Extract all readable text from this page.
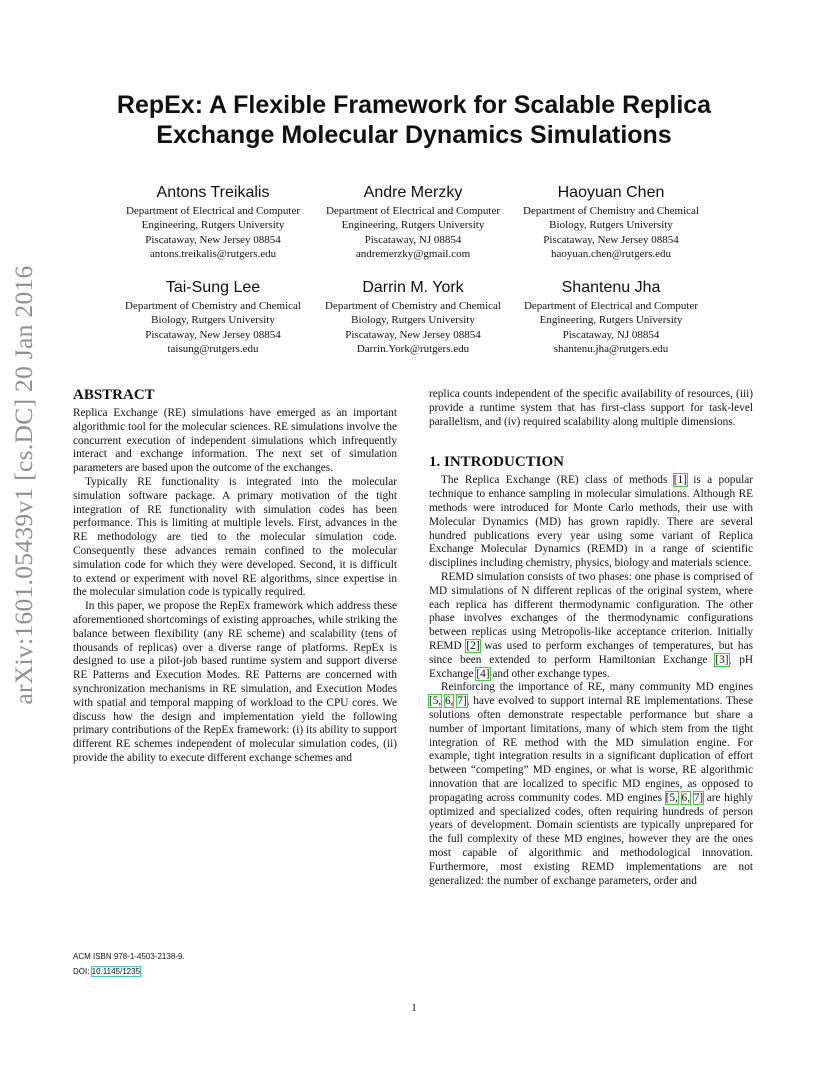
arXiv:1601.05439v1 [cs.DC] 20 Jan 2016
RepEx: A Flexible Framework for Scalable Replica
Exchange Molecular Dynamics Simulations
Antons Treikalis
Department of Electrical and Computer Engineering, Rutgers University
Piscataway, New Jersey 08854
antons.treikalis@rutgers.edu
Andre Merzky
Department of Electrical and Computer Engineering, Rutgers University
Piscataway, NJ 08854
andremerzky@gmail.com
Haoyuan Chen
Department of Chemistry and Chemical Biology, Rutgers University
Piscataway, New Jersey 08854
haoyuan.chen@rutgers.edu
Tai-Sung Lee
Department of Chemistry and Chemical Biology, Rutgers University
Piscataway, New Jersey 08854
taisung@rutgers.edu
Darrin M. York
Department of Chemistry and Chemical Biology, Rutgers University
Piscataway, New Jersey 08854
Darrin.York@rutgers.edu
Shantenu Jha
Department of Electrical and Computer Engineering, Rutgers University
Piscataway, NJ 08854
shantenu.jha@rutgers.edu
ABSTRACT

Replica Exchange (RE) simulations have emerged as an important algorithmic tool for the molecular sciences. RE simulations involve the concurrent execution of independent simulations which infrequently interact and exchange information. The next set of simulation parameters are based upon the outcome of the exchanges.

Typically RE functionality is integrated into the molecular simulation software package. A primary motivation of the tight integration of RE functionality with simulation codes has been performance. This is limiting at multiple levels. First, advances in the RE methodology are tied to the molecular simulation code. Consequently these advances remain confined to the molecular simulation code for which they were developed. Second, it is difficult to extend or experiment with novel RE algorithms, since expertise in the molecular simulation code is typically required.

In this paper, we propose the RepEx framework which address these aforementioned shortcomings of existing approaches, while striking the balance between flexibility (any RE scheme) and scalability (tens of thousands of replicas) over a diverse range of platforms. RepEx is designed to use a pilot-job based runtime system and support diverse RE Patterns and Execution Modes. RE Patterns are concerned with synchronization mechanisms in RE simulation, and Execution Modes with spatial and temporal mapping of workload to the CPU cores. We discuss how the design and implementation yield the following primary contributions of the RepEx framework: (i) its ability to support different RE schemes independent of molecular simulation codes, (ii) provide the ability to execute different exchange schemes and

replica counts independent of the specific availability of resources, (iii) provide a runtime system that has first-class support for task-level parallelism, and (iv) required scalability along multiple dimensions.

1. INTRODUCTION

The Replica Exchange (RE) class of methods [1] is a popular technique to enhance sampling in molecular simulations. Although RE methods were introduced for Monte Carlo methods, their use with Molecular Dynamics (MD) has grown rapidly. There are several hundred publications every year using some variant of Replica Exchange Molecular Dynamics (REMD) in a range of scientific disciplines including chemistry, physics, biology and materials science.

REMD simulation consists of two phases: one phase is comprised of MD simulations of N different replicas of the original system, where each replica has different thermodynamic configuration. The other phase involves exchanges of the thermodynamic configurations between replicas using Metropolis-like acceptance criterion. Initially REMD [2] was used to perform exchanges of temperatures, but has since been extended to perform Hamiltonian Exchange [3], pH Exchange [4] and other exchange types.

Reinforcing the importance of RE, many community MD engines [5, 6, 7], have evolved to support internal RE implementations. These solutions often demonstrate respectable performance but share a number of important limitations, many of which stem from the tight integration of RE method with the MD simulation engine. For example, tight integration results in a significant duplication of effort between “competing” MD engines, or what is worse, RE algorithmic innovation that are localized to specific MD engines, as opposed to propagating across community codes. MD engines [5, 6, 7] are highly optimized and specialized codes, often requiring hundreds of person years of development. Domain scientists are typically unprepared for the full complexity of these MD engines, however they are the ones most capable of algorithmic and methodological innovation. Furthermore, most existing REMD implementations are not generalized: the number of exchange parameters, order and

ACM ISBN 978-1-4503-2138-9.
DOI: 10.1145/1235
1
